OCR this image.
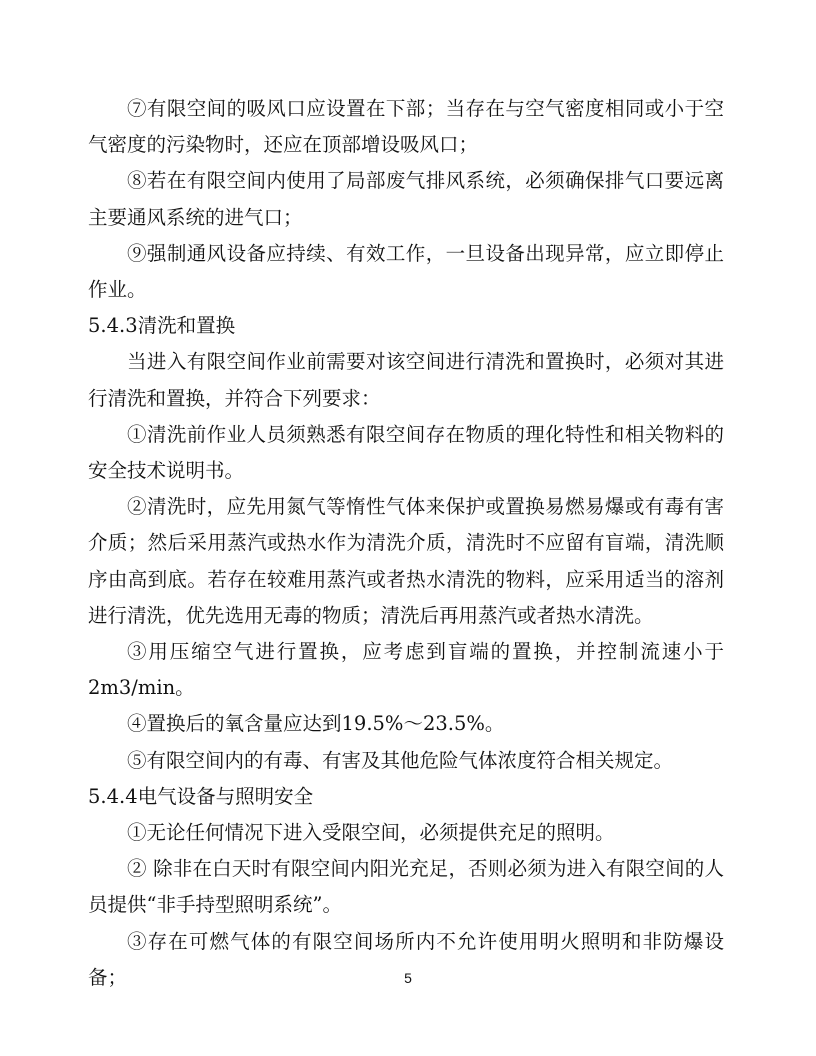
⑦有限空间的吸风口应设置在下部；当存在与空气密度相同或小于空气密度的污染物时，还应在顶部增设吸风口；

⑧若在有限空间内使用了局部废气排风系统，必须确保排气口要远离主要通风系统的进气口；

⑨强制通风设备应持续、有效工作，一旦设备出现异常，应立即停止作业。

5.4.3清洗和置换

当进入有限空间作业前需要对该空间进行清洗和置换时，必须对其进行清洗和置换，并符合下列要求：

①清洗前作业人员须熟悉有限空间存在物质的理化特性和相关物料的安全技术说明书。

②清洗时，应先用氮气等惰性气体来保护或置换易燃易爆或有毒有害介质；然后采用蒸汽或热水作为清洗介质，清洗时不应留有盲端，清洗顺序由高到底。若存在较难用蒸汽或者热水清洗的物料，应采用适当的溶剂进行清洗，优先选用无毒的物质；清洗后再用蒸汽或者热水清洗。

③用压缩空气进行置换，应考虑到盲端的置换，并控制流速小于 2m3/min。

④置换后的氧含量应达到19.5%～23.5%。

⑤有限空间内的有毒、有害及其他危险气体浓度符合相关规定。

5.4.4电气设备与照明安全

①无论任何情况下进入受限空间，必须提供充足的照明。

② 除非在白天时有限空间内阳光充足，否则必须为进入有限空间的人员提供“非手持型照明系统”。

③存在可燃气体的有限空间场所内不允许使用明火照明和非防爆设备；	5
